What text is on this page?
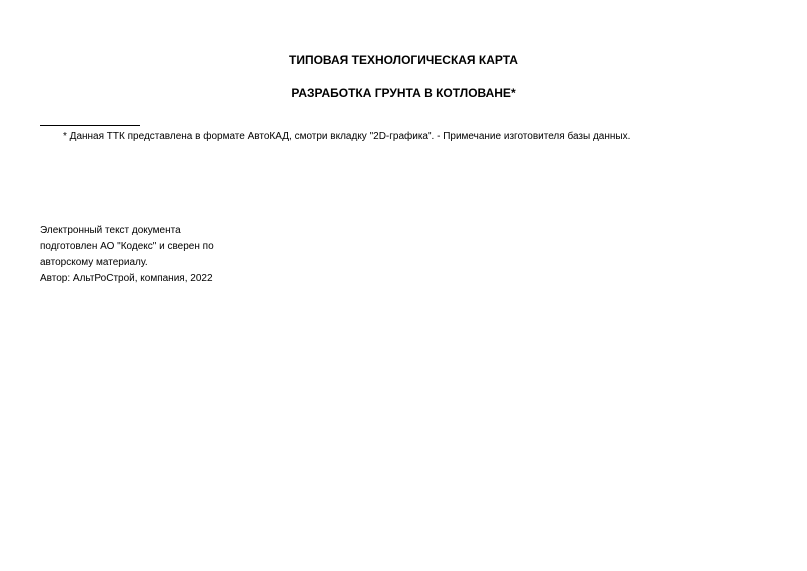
ТИПОВАЯ ТЕХНОЛОГИЧЕСКАЯ КАРТА
РАЗРАБОТКА ГРУНТА В КОТЛОВАНЕ*
* Данная ТТК представлена в формате АвтоКАД, смотри вкладку "2D-графика". - Примечание изготовителя базы данных.
Электронный текст документа
подготовлен АО "Кодекс" и сверен по
авторскому материалу.
Автор: АльтРоСтрой, компания, 2022
